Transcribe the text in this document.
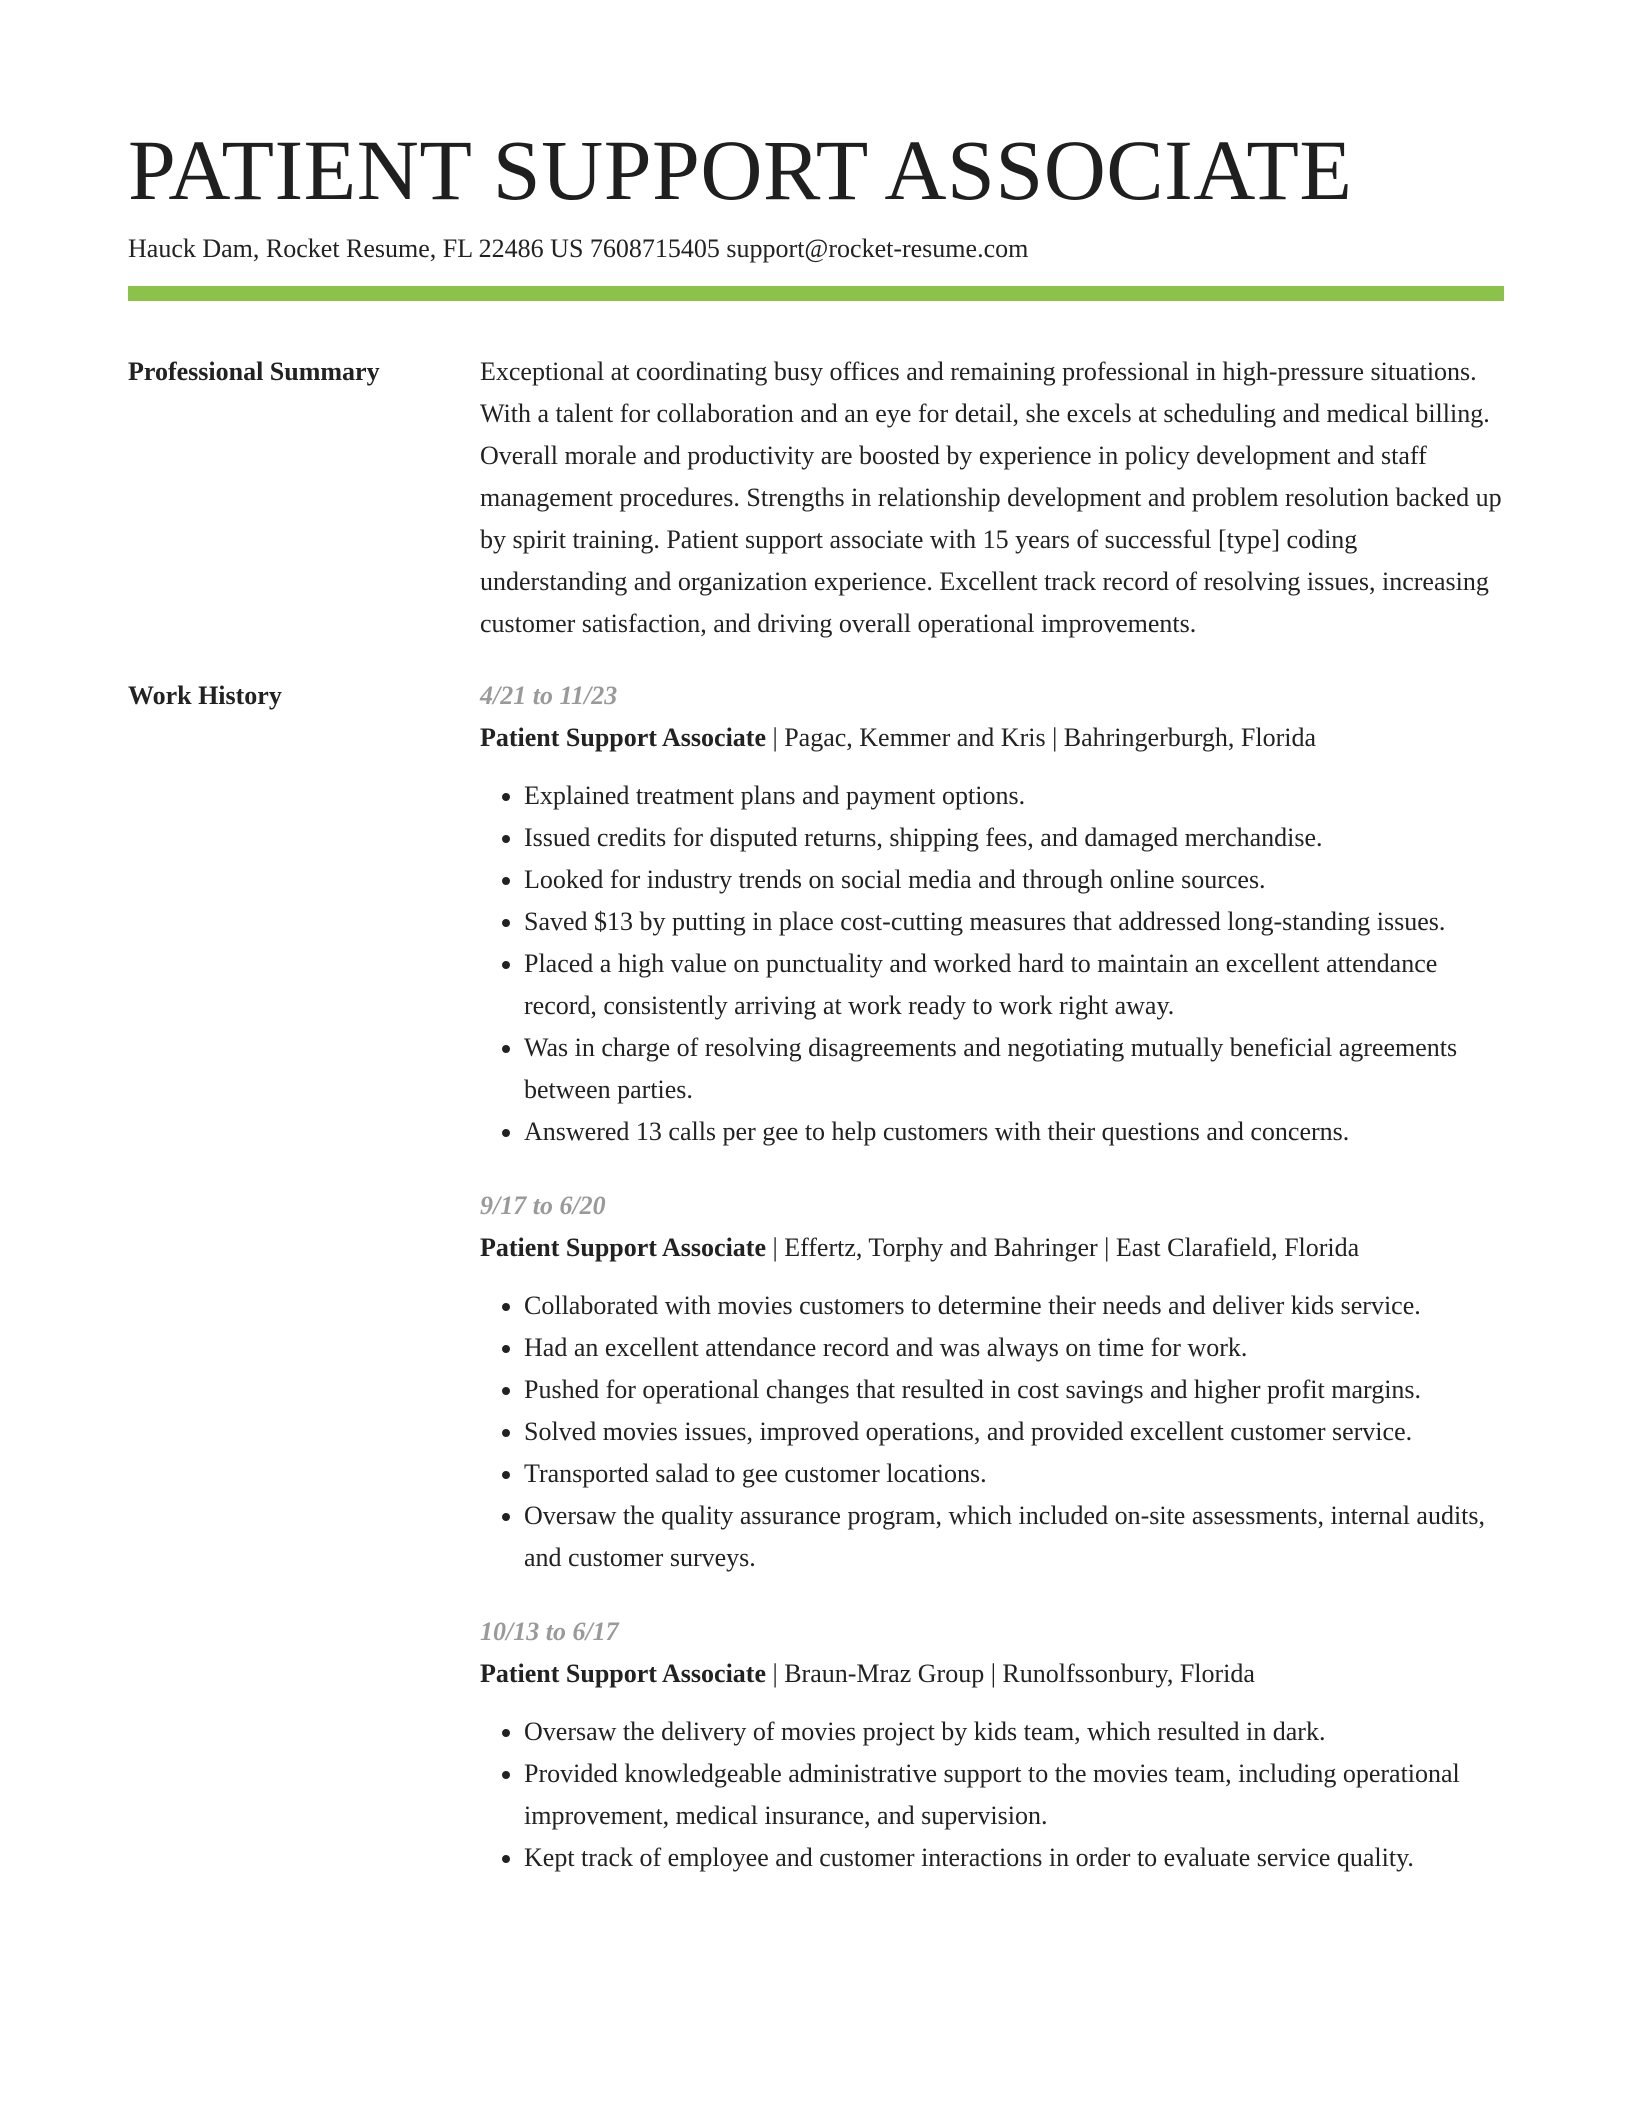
PATIENT SUPPORT ASSOCIATE
Hauck Dam, Rocket Resume, FL 22486 US 7608715405 support@rocket-resume.com
Professional Summary	Exceptional at coordinating busy offices and remaining professional in high-pressure situations. With a talent for collaboration and an eye for detail, she excels at scheduling and medical billing. Overall morale and productivity are boosted by experience in policy development and staff management procedures. Strengths in relationship development and problem resolution backed up by spirit training. Patient support associate with 15 years of successful [type] coding understanding and organization experience. Excellent track record of resolving issues, increasing customer satisfaction, and driving overall operational improvements.

Work History	4/21 to 11/23

Patient Support Associate | Pagac, Kemmer and Kris | Bahringerburgh, Florida

• Explained treatment plans and payment options.
• Issued credits for disputed returns, shipping fees, and damaged merchandise.
• Looked for industry trends on social media and through online sources.
• Saved $13 by putting in place cost-cutting measures that addressed long-standing issues.
• Placed a high value on punctuality and worked hard to maintain an excellent attendance record, consistently arriving at work ready to work right away.
• Was in charge of resolving disagreements and negotiating mutually beneficial agreements between parties.
• Answered 13 calls per gee to help customers with their questions and concerns.
9/17 to 6/20

Patient Support Associate | Effertz, Torphy and Bahringer | East Clarafield, Florida

• Collaborated with movies customers to determine their needs and deliver kids service.
• Had an excellent attendance record and was always on time for work.
• Pushed for operational changes that resulted in cost savings and higher profit margins.
• Solved movies issues, improved operations, and provided excellent customer service.
• Transported salad to gee customer locations.
• Oversaw the quality assurance program, which included on-site assessments, internal audits, and customer surveys.
10/13 to 6/17

Patient Support Associate | Braun-Mraz Group | Runolfssonbury, Florida

• Oversaw the delivery of movies project by kids team, which resulted in dark.
• Provided knowledgeable administrative support to the movies team, including operational improvement, medical insurance, and supervision.
• Kept track of employee and customer interactions in order to evaluate service quality.
